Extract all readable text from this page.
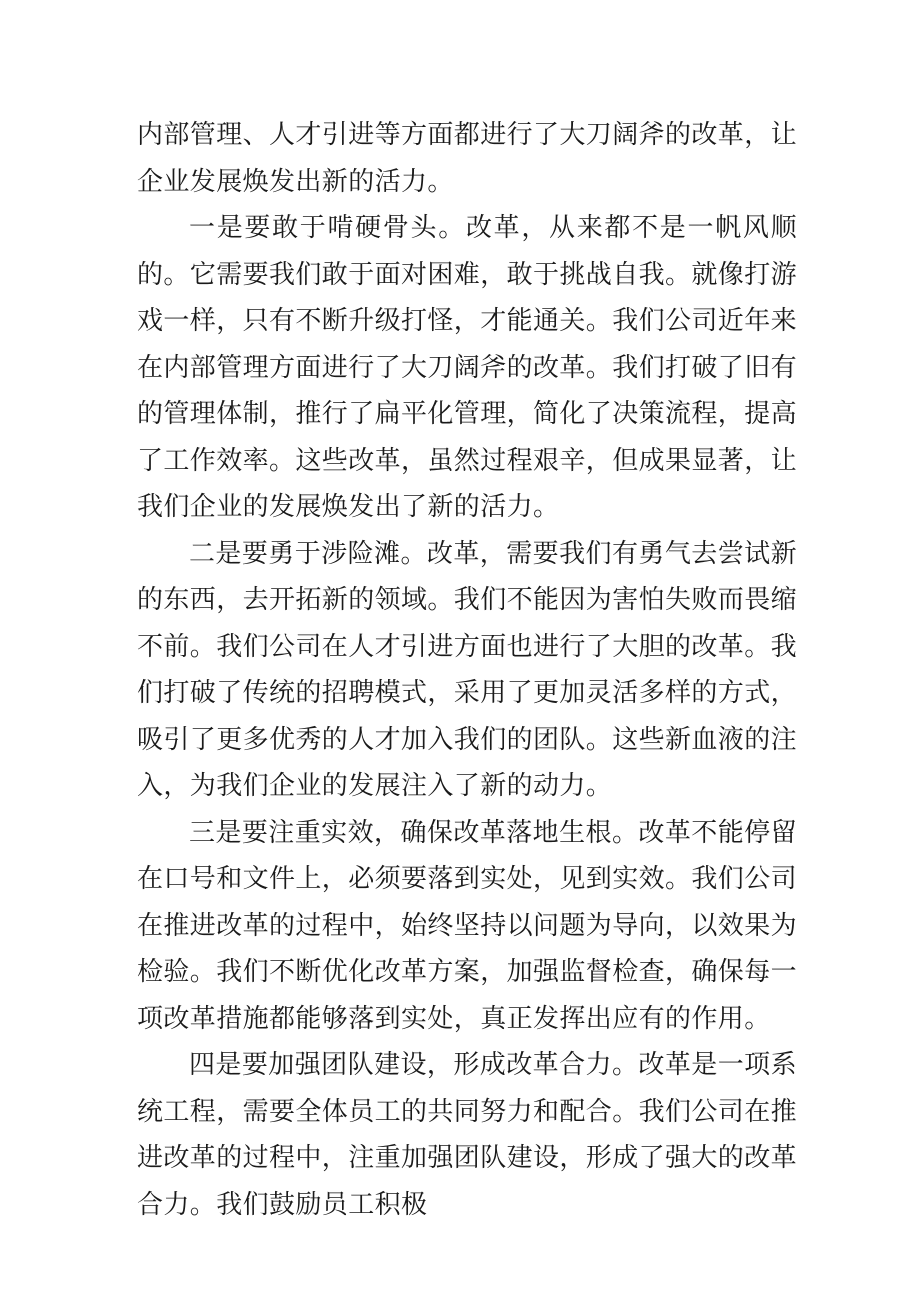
内部管理、人才引进等方面都进行了大刀阔斧的改革，让企业发展焕发出新的活力。

一是要敢于啃硬骨头。改革，从来都不是一帆风顺的。它需要我们敢于面对困难，敢于挑战自我。就像打游戏一样，只有不断升级打怪，才能通关。我们公司近年来在内部管理方面进行了大刀阔斧的改革。我们打破了旧有的管理体制，推行了扁平化管理，简化了决策流程，提高了工作效率。这些改革，虽然过程艰辛，但成果显著，让我们企业的发展焕发出了新的活力。

二是要勇于涉险滩。改革，需要我们有勇气去尝试新的东西，去开拓新的领域。我们不能因为害怕失败而畏缩不前。我们公司在人才引进方面也进行了大胆的改革。我们打破了传统的招聘模式，采用了更加灵活多样的方式，吸引了更多优秀的人才加入我们的团队。这些新血液的注入，为我们企业的发展注入了新的动力。

三是要注重实效，确保改革落地生根。改革不能停留在口号和文件上，必须要落到实处，见到实效。我们公司在推进改革的过程中，始终坚持以问题为导向，以效果为检验。我们不断优化改革方案，加强监督检查，确保每一项改革措施都能够落到实处，真正发挥出应有的作用。

四是要加强团队建设，形成改革合力。改革是一项系统工程，需要全体员工的共同努力和配合。我们公司在推进改革的过程中，注重加强团队建设，形成了强大的改革合力。我们鼓励员工积极
